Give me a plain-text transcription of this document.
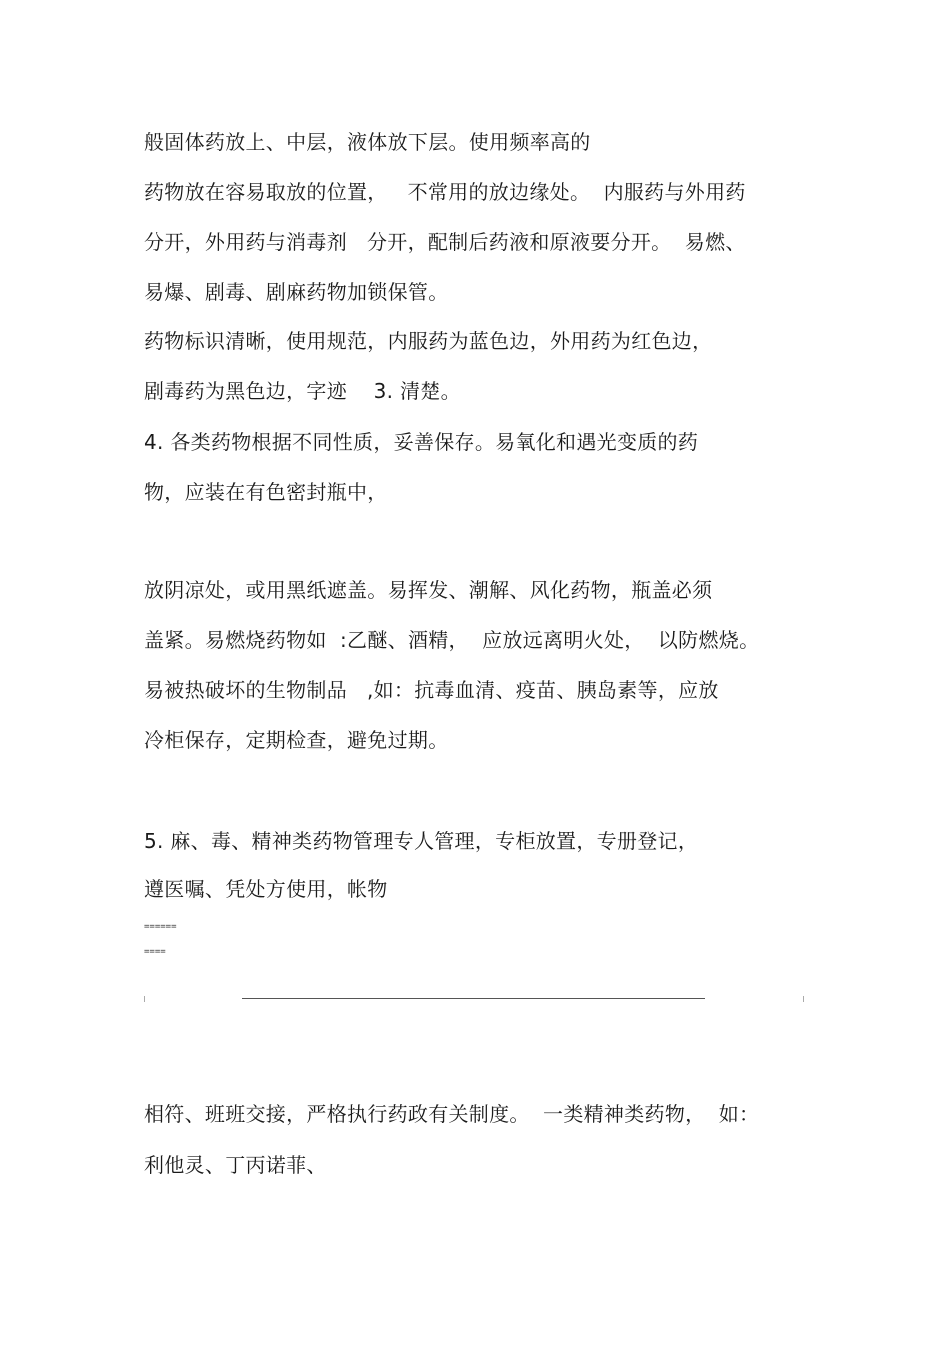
般固体药放上、中层，液体放下层。使用频率高的
药物放在容易取放的位置，   不常用的放边缘处。  内服药与外用药
分开，外用药与消毒剂   分开，配制后药液和原液要分开。  易燃、
易爆、剧毒、剧麻药物加锁保管。
药物标识清晰，使用规范，内服药为蓝色边，外用药为红色边，
剧毒药为黑色边，字迹    3. 清楚。
4. 各类药物根据不同性质，妥善保存。易氧化和遇光变质的药
物，应装在有色密封瓶中，
放阴凉处，或用黑纸遮盖。易挥发、潮解、风化药物，瓶盖必须
盖紧。易燃烧药物如  :乙醚、酒精，  应放远离明火处，  以防燃烧。
易被热破坏的生物制品   ,如：抗毒血清、疫苗、胰岛素等，应放
冷柜保存，定期检查，避免过期。
5. 麻、毒、精神类药物管理专人管理，专柜放置，专册登记，
遵医嘱、凭处方使用，帐物
======
====
相符、班班交接，严格执行药政有关制度。  一类精神类药物，  如：
利他灵、丁丙诺菲、
